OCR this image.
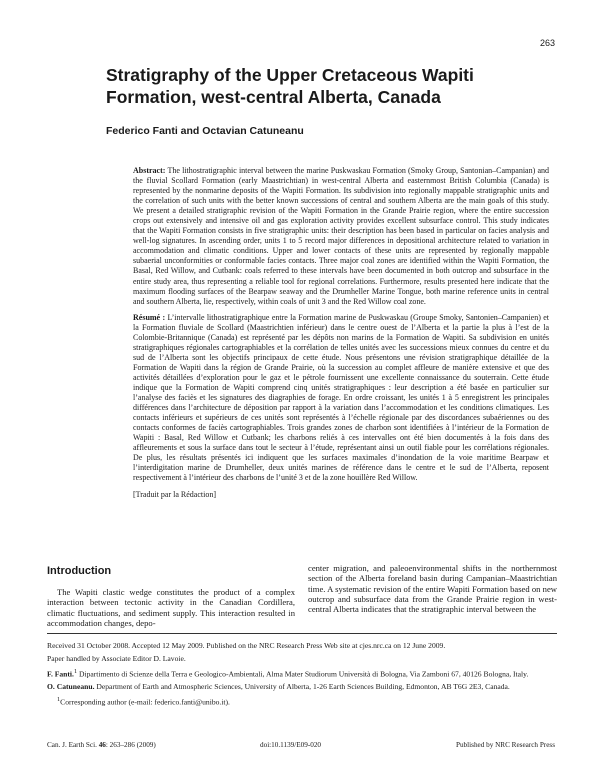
263
Stratigraphy of the Upper Cretaceous Wapiti Formation, west-central Alberta, Canada
Federico Fanti and Octavian Catuneanu

Abstract: The lithostratigraphic interval between the marine Puskwaskau Formation (Smoky Group, Santonian–Campanian) and the fluvial Scollard Formation (early Maastrichtian) in west-central Alberta and easternmost British Columbia (Canada) is represented by the nonmarine deposits of the Wapiti Formation. Its subdivision into regionally mappable stratigraphic units and the correlation of such units with the better known successions of central and southern Alberta are the main goals of this study. We present a detailed stratigraphic revision of the Wapiti Formation in the Grande Prairie region, where the entire succession crops out extensively and intensive oil and gas exploration activity provides excellent subsurface control. This study indicates that the Wapiti Formation consists in five stratigraphic units: their description has been based in particular on facies analysis and well-log signatures. In ascending order, units 1 to 5 record major differences in depositional architecture related to variation in accommodation and climatic conditions. Upper and lower contacts of these units are represented by regionally mappable subaerial unconformities or conformable facies contacts. Three major coal zones are identified within the Wapiti Formation, the Basal, Red Willow, and Cutbank: coals referred to these intervals have been documented in both outcrop and subsurface in the entire study area, thus representing a reliable tool for regional correlations. Furthermore, results presented here indicate that the maximum flooding surfaces of the Bearpaw seaway and the Drumheller Marine Tongue, both marine reference units in central and southern Alberta, lie, respectively, within coals of unit 3 and the Red Willow coal zone.

Résumé : L’intervalle lithostratigraphique entre la Formation marine de Puskwaskau (Groupe Smoky, Santonien–Campanien) et la Formation fluviale de Scollard (Maastrichtien inférieur) dans le centre ouest de l’Alberta et la partie la plus à l’est de la Colombie-Britannique (Canada) est représenté par les dépôts non marins de la Formation de Wapiti. Sa subdivision en unités stratigraphiques régionales cartographiables et la corrélation de telles unités avec les successions mieux connues du centre et du sud de l’Alberta sont les objectifs principaux de cette étude. Nous présentons une révision stratigraphique détaillée de la Formation de Wapiti dans la région de Grande Prairie, où la succession au complet affleure de manière extensive et que des activités détaillées d’exploration pour le gaz et le pétrole fournissent une excellente connaissance du souterrain. Cette étude indique que la Formation de Wapiti comprend cinq unités stratigraphiques : leur description a été basée en particulier sur l’analyse des faciès et les signatures des diagraphies de forage. En ordre croissant, les unités 1 à 5 enregistrent les principales différences dans l’architecture de déposition par rapport à la variation dans l’accommodation et les conditions climatiques. Les contacts inférieurs et supérieurs de ces unités sont représentés à l’échelle régionale par des discordances subaériennes ou des contacts conformes de faciès cartographiables. Trois grandes zones de charbon sont identifiées à l’intérieur de la Formation de Wapiti : Basal, Red Willow et Cutbank; les charbons reliés à ces intervalles ont été bien documentés à la fois dans des affleurements et sous la surface dans tout le secteur à l’étude, représentant ainsi un outil fiable pour les corrélations régionales. De plus, les résultats présentés ici indiquent que les surfaces maximales d’inondation de la voie maritime Bearpaw et l’interdigitation marine de Drumheller, deux unités marines de référence dans le centre et le sud de l’Alberta, reposent respectivement à l’intérieur des charbons de l’unité 3 et de la zone houillère Red Willow.

[Traduit par la Rédaction]

Introduction

The Wapiti clastic wedge constitutes the product of a complex interaction between tectonic activity in the Canadian Cordillera, climatic fluctuations, and sediment supply. This interaction resulted in accommodation changes, depo-

center migration, and paleoenvironmental shifts in the northernmost section of the Alberta foreland basin during Campanian–Maastrichtian time. A systematic revision of the entire Wapiti Formation based on new outcrop and subsurface data from the Grande Prairie region in west-central Alberta indicates that the stratigraphic interval between the

Received 31 October 2008. Accepted 12 May 2009. Published on the NRC Research Press Web site at cjes.nrc.ca on 12 June 2009.

Paper handled by Associate Editor D. Lavoie.

F. Fanti.$^1$ Dipartimento di Scienze della Terra e Geologico-Ambientali, Alma Mater Studiorum Università di Bologna, Via Zamboni 67, 40126 Bologna, Italy.

O. Catuneanu. Department of Earth and Atmospheric Sciences, University of Alberta, 1-26 Earth Sciences Building, Edmonton, AB T6G 2E3, Canada.

$^1$Corresponding author (e-mail: federico.fanti@unibo.it).

Can. J. Earth Sci. 46: 263–286 (2009)	doi:10.1139/E09-020	Published by NRC Research Press
